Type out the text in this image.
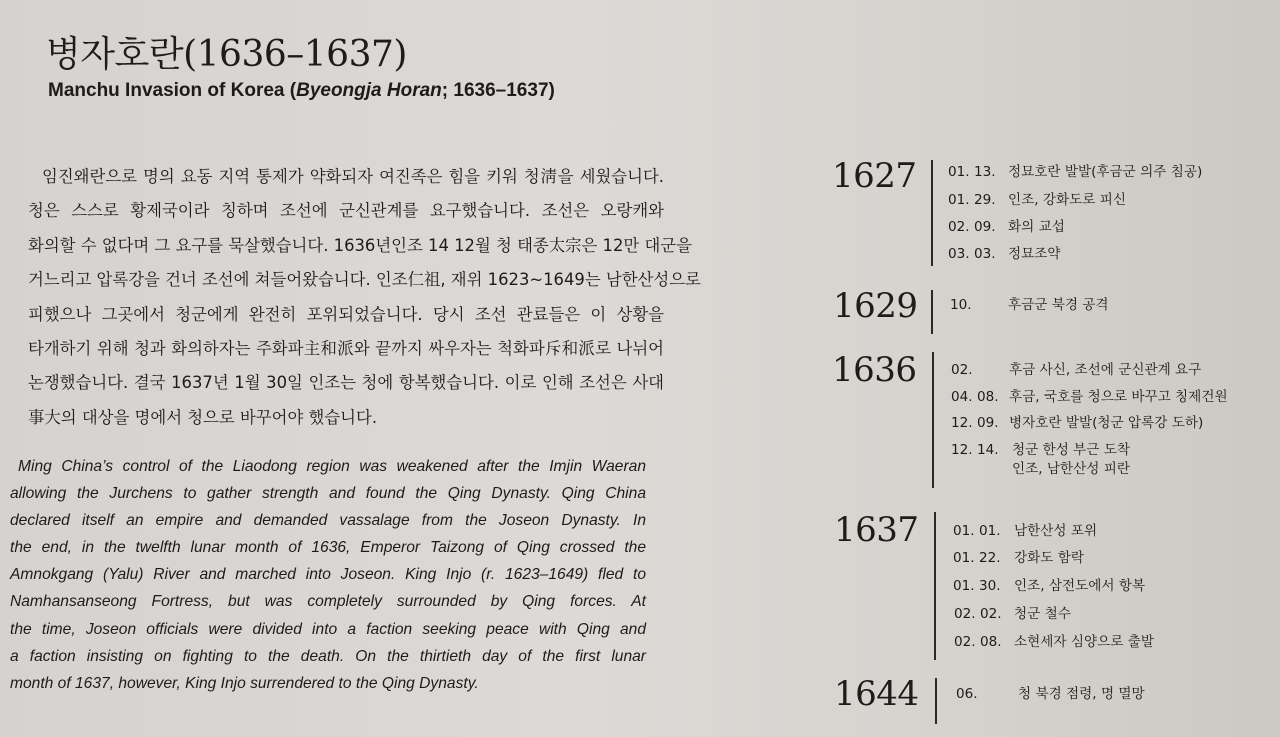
병자호란(1636–1637)
Manchu Invasion of Korea (Byeongja Horan; 1636–1637)
임진왜란으로 명의 요동 지역 통제가 약화되자 여진족은 힘을 키워 청淸을 세웠습니다.
청은 스스로 황제국이라 칭하며 조선에 군신관계를 요구했습니다. 조선은 오랑캐와
화의할 수 없다며 그 요구를 묵살했습니다. 1636년인조 14 12월 청 태종太宗은 12만 대군을
거느리고 압록강을 건너 조선에 쳐들어왔습니다. 인조仁祖, 재위 1623~1649는 남한산성으로
피했으나 그곳에서 청군에게 완전히 포위되었습니다. 당시 조선 관료들은 이 상황을
타개하기 위해 청과 화의하자는 주화파主和派와 끝까지 싸우자는 척화파斥和派로 나뉘어
논쟁했습니다. 결국 1637년 1월 30일 인조는 청에 항복했습니다. 이로 인해 조선은 사대
事大의 대상을 명에서 청으로 바꾸어야 했습니다.
Ming China’s control of the Liaodong region was weakened after the Imjin Waeran
allowing the Jurchens to gather strength and found the Qing Dynasty. Qing China
declared itself an empire and demanded vassalage from the Joseon Dynasty. In
the end, in the twelfth lunar month of 1636, Emperor Taizong of Qing crossed the
Amnokgang (Yalu) River and marched into Joseon. King Injo (r. 1623–1649) fled to
Namhansanseong Fortress, but was completely surrounded by Qing forces. At
the time, Joseon officials were divided into a faction seeking peace with Qing and
a faction insisting on fighting to the death. On the thirtieth day of the first lunar
month of 1637, however, King Injo surrendered to the Qing Dynasty.
1627 01. 13. 정묘호란 발발(후금군 의주 침공)
01. 29. 인조, 강화도로 피신
02. 09. 화의 교섭
03. 03. 정묘조약
1629 10.	후금군 북경 공격
1636	02.	후금 사신, 조선에 군신관계 요구
04. 08. 후금, 국호를 청으로 바꾸고 칭제건원
12. 09. 병자호란 발발(청군 압록강 도하)
12. 14. 청군 한성 부근 도착
인조, 남한산성 피란
1637	01. 01. 남한산성 포위
01. 22. 강화도 함락
01. 30. 인조, 삼전도에서 항복
02. 02. 청군 철수
02. 08. 소현세자 심양으로 출발
1644	06.	청 북경 점령, 명 멸망
